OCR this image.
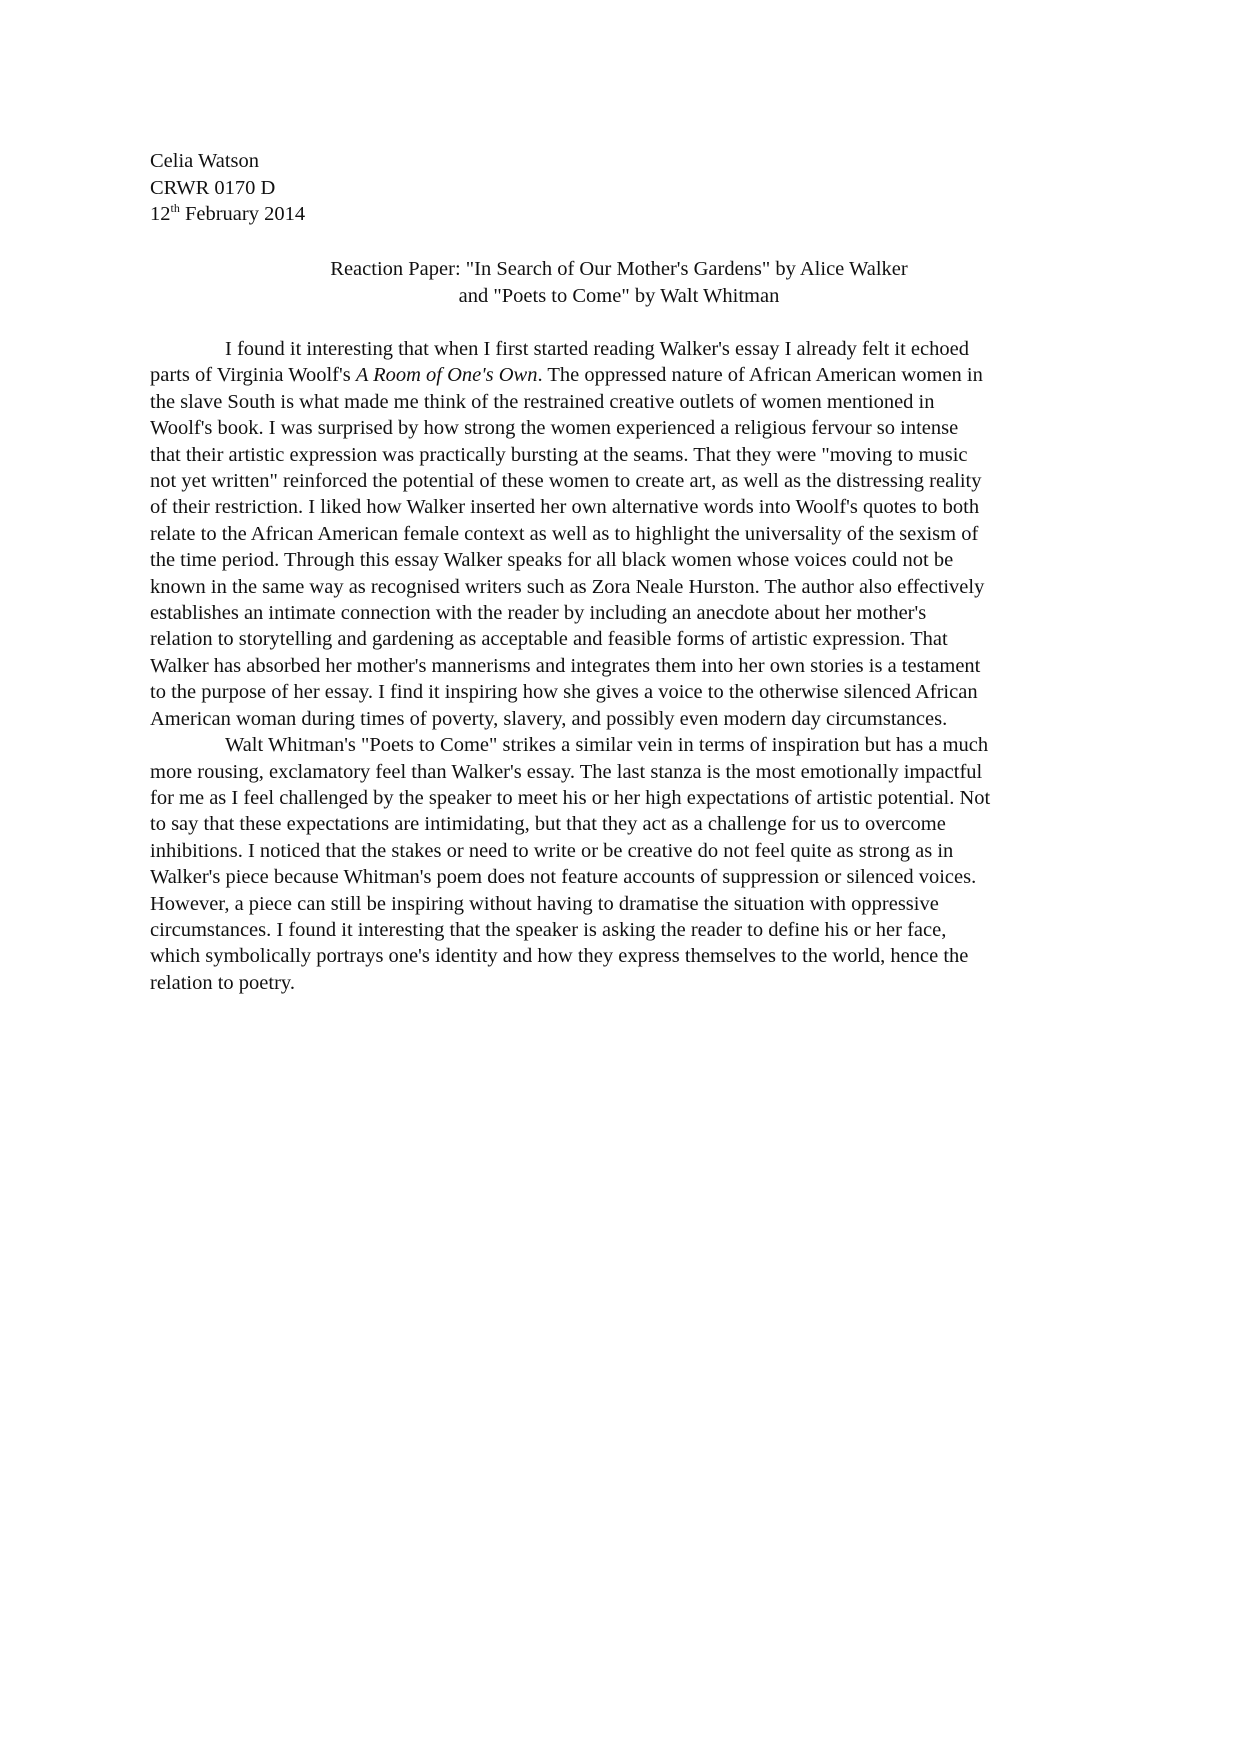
Celia Watson
CRWR 0170 D
12th February 2014
Reaction Paper: "In Search of Our Mother's Gardens" by Alice Walker
and "Poets to Come" by Walt Whitman
I found it interesting that when I first started reading Walker's essay I already felt it echoed
parts of Virginia Woolf's A Room of One's Own. The oppressed nature of African American women in
the slave South is what made me think of the restrained creative outlets of women mentioned in
Woolf's book. I was surprised by how strong the women experienced a religious fervour so intense
that their artistic expression was practically bursting at the seams. That they were "moving to music
not yet written" reinforced the potential of these women to create art, as well as the distressing reality
of their restriction. I liked how Walker inserted her own alternative words into Woolf's quotes to both
relate to the African American female context as well as to highlight the universality of the sexism of
the time period. Through this essay Walker speaks for all black women whose voices could not be
known in the same way as recognised writers such as Zora Neale Hurston. The author also effectively
establishes an intimate connection with the reader by including an anecdote about her mother's
relation to storytelling and gardening as acceptable and feasible forms of artistic expression. That
Walker has absorbed her mother's mannerisms and integrates them into her own stories is a testament
to the purpose of her essay. I find it inspiring how she gives a voice to the otherwise silenced African
American woman during times of poverty, slavery, and possibly even modern day circumstances.
Walt Whitman's "Poets to Come" strikes a similar vein in terms of inspiration but has a much
more rousing, exclamatory feel than Walker's essay. The last stanza is the most emotionally impactful
for me as I feel challenged by the speaker to meet his or her high expectations of artistic potential. Not
to say that these expectations are intimidating, but that they act as a challenge for us to overcome
inhibitions. I noticed that the stakes or need to write or be creative do not feel quite as strong as in
Walker's piece because Whitman's poem does not feature accounts of suppression or silenced voices.
However, a piece can still be inspiring without having to dramatise the situation with oppressive
circumstances. I found it interesting that the speaker is asking the reader to define his or her face,
which symbolically portrays one's identity and how they express themselves to the world, hence the
relation to poetry.
